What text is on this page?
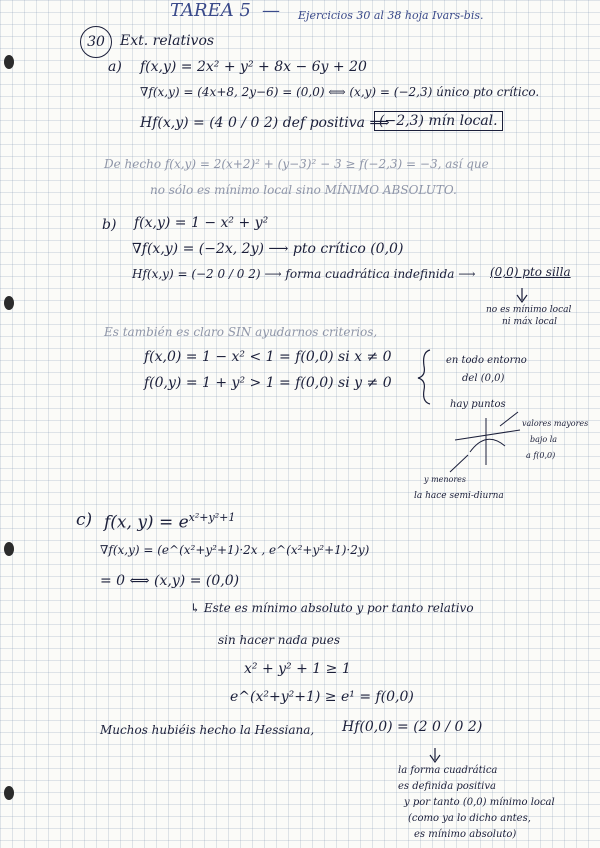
TAREA 5 — Ejercicios 30 al 38 hoja Ivars-bis.
30	Ext. relativos
a) f(x,y) = 2x² + y² + 8x − 6y + 20
∇f(x,y) = (4x+8, 2y−6) = (0,0) ⟺ (x,y) = (−2,3) único pto crítico.
Hf(x,y) = (4 0 / 0 2) def positiva ⟹
(−2,3) mín local.
De hecho f(x,y) = 2(x+2)² + (y−3)² − 3 ≥ f(−2,3) = −3, así que
no sólo es mínimo local sino MÍNIMO ABSOLUTO.
b) f(x,y) = 1 − x² + y²
∇f(x,y) = (−2x, 2y) ⟶ pto crítico (0,0)
Hf(x,y) = (−2 0 / 0 2) ⟶ forma cuadrática indefinida ⟶ (0,0) pto silla
no es mínimo local
ni máx local
Es también es claro SIN ayudarnos criterios,
f(x,0) = 1 − x² < 1 = f(0,0) si x ≠ 0
f(0,y) = 1 + y² > 1 = f(0,0) si y ≠ 0
en todo entorno
del (0,0)
hay puntos
valores mayores
bajo la
a f(0,0)
y menores
la hace semi-diurna
c) f(x, $y) = e^{x^2+y^2+1}$
∇f(x,y) = (e^(x²+y²+1)·2x , e^(x²+y²+1)·2y)
= 0 ⟺ (x,y) = (0,0)
↳ Este es mínimo absoluto y por tanto relativo
sin hacer nada pues
x² + y² + 1 ≥ 1
e^(x²+y²+1) ≥ e¹ = f(0,0)
Muchos hubiéis hecho la Hessiana, Hf(0,0) = (2 0 / 0 2)
la forma cuadrática
es definida positiva
y por tanto (0,0) mínimo local
(como ya lo dicho antes,
es mínimo absoluto)
